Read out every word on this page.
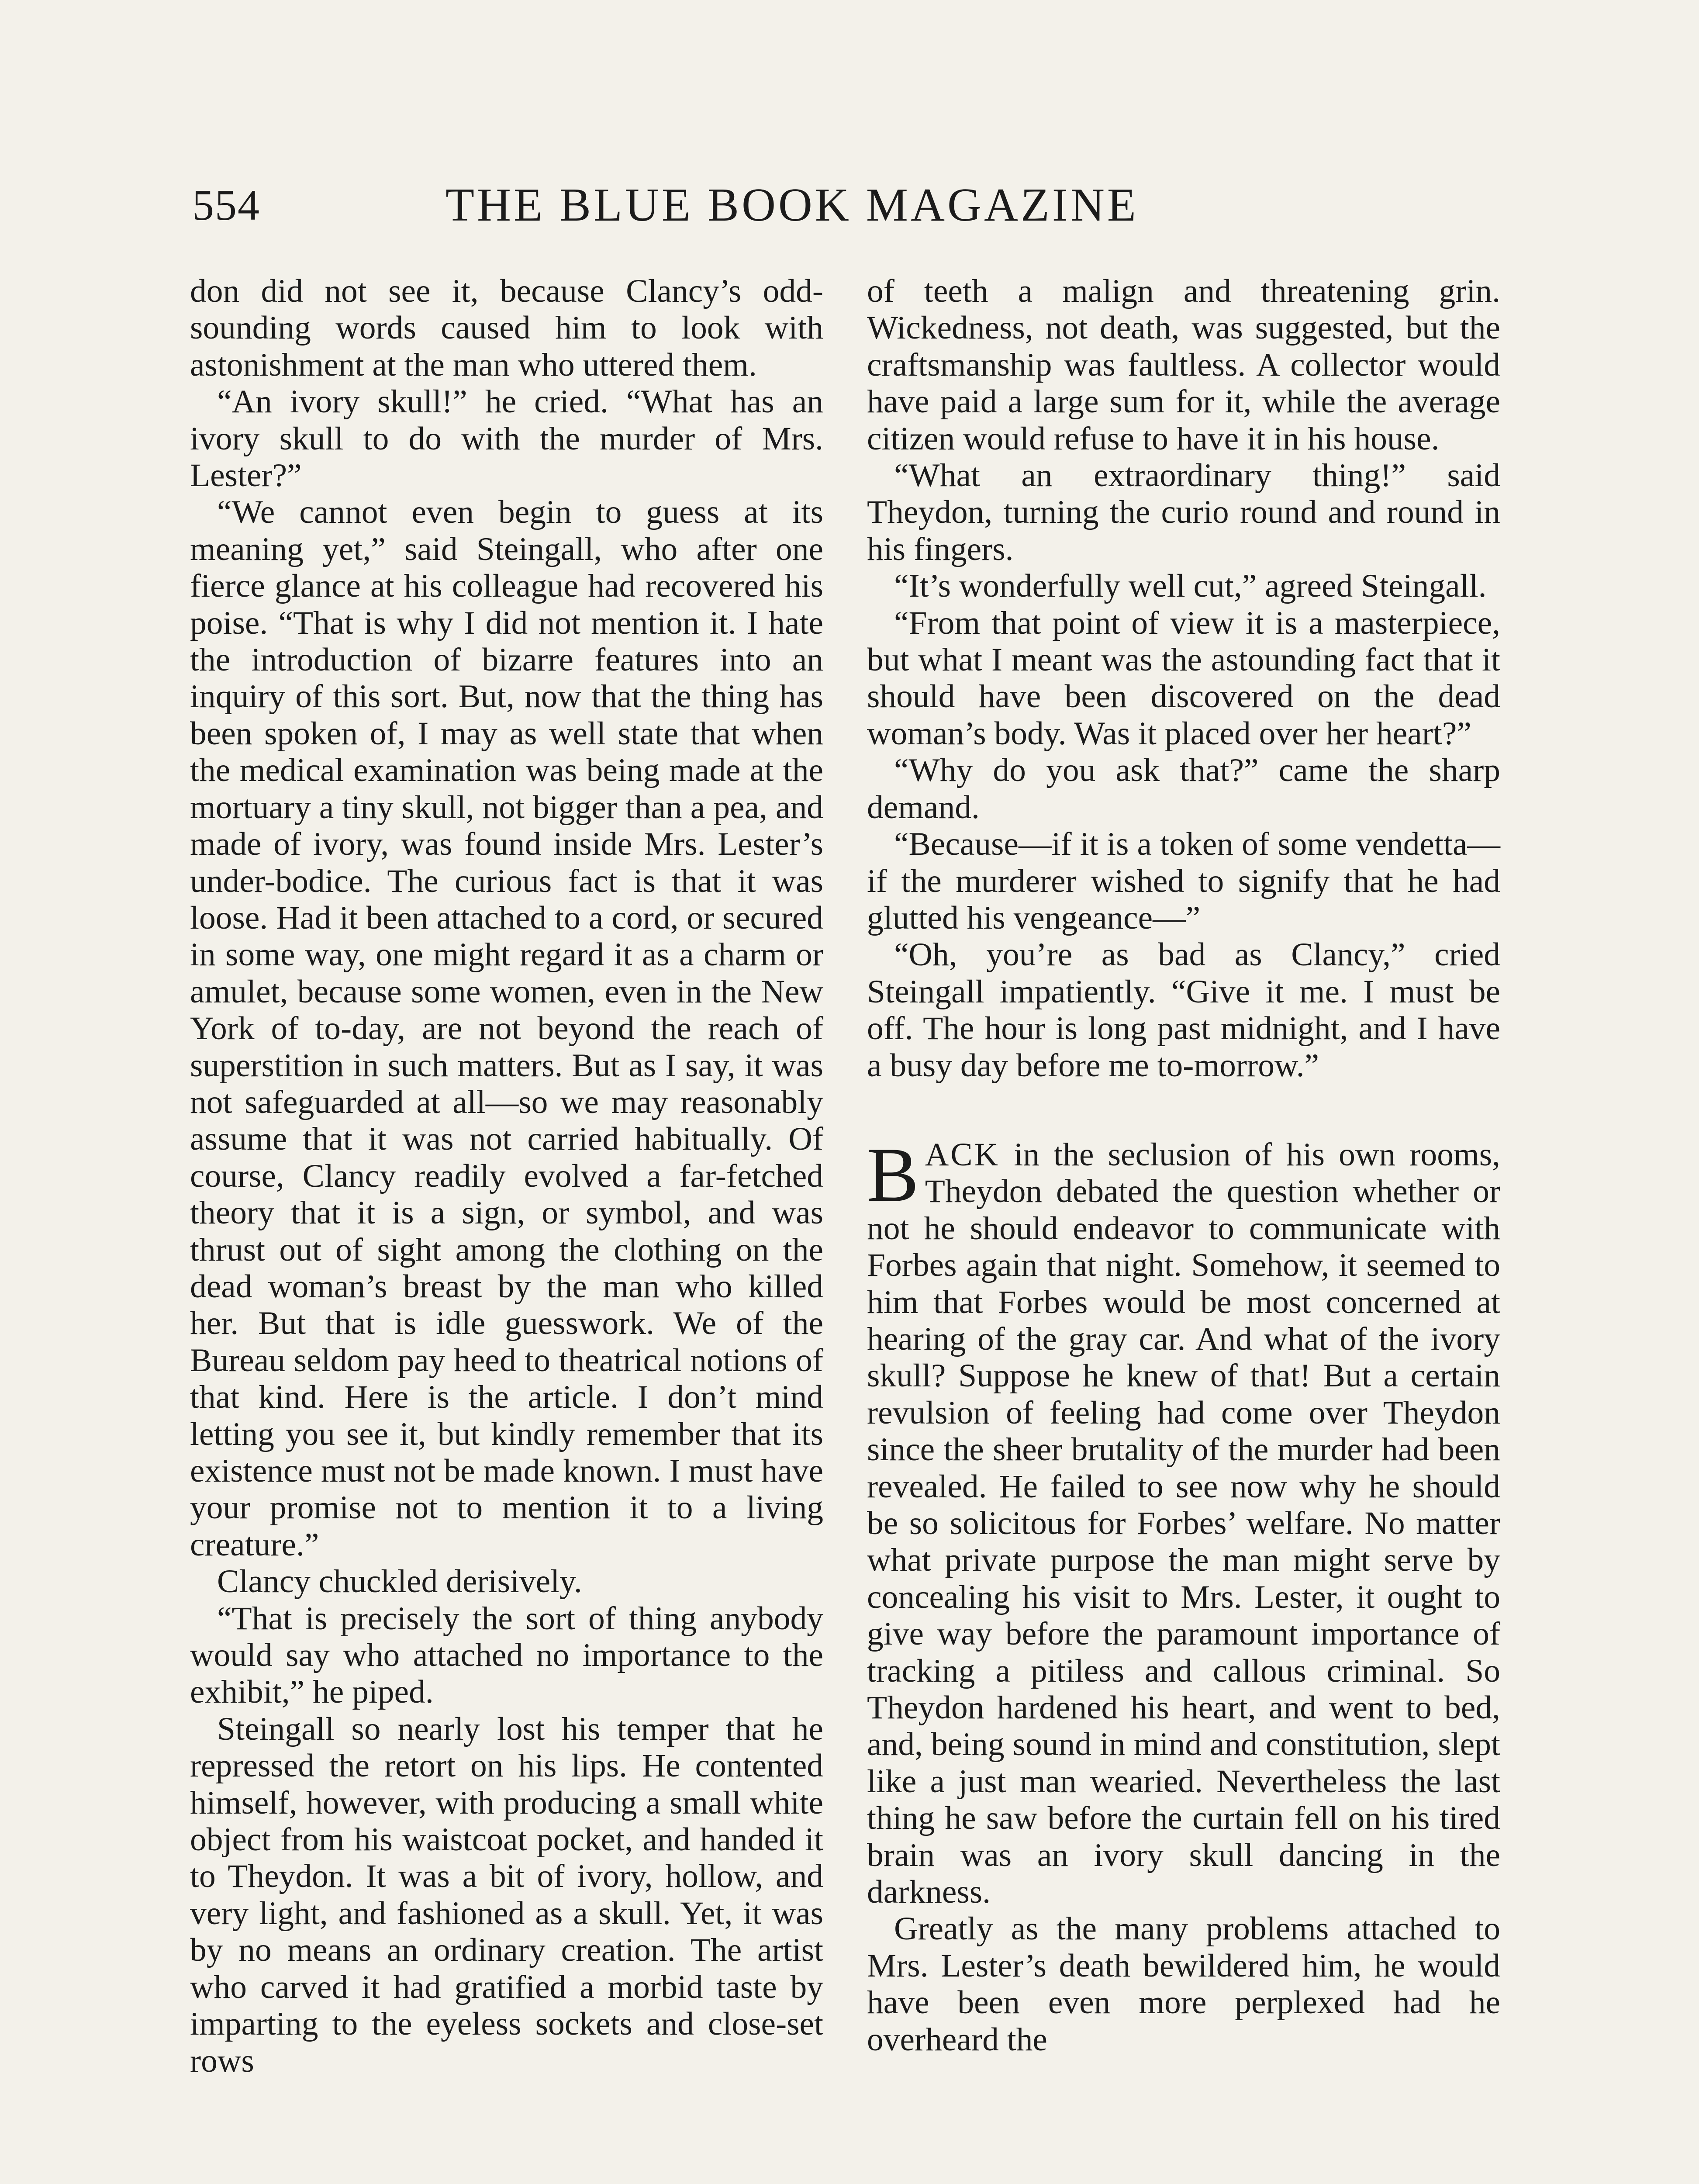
554	THE BLUE BOOK MAGAZINE

don did not see it, because Clancy’s odd-sounding words caused him to look with astonishment at the man who uttered them.

“An ivory skull!” he cried. “What has an ivory skull to do with the murder of Mrs. Lester?”

“We cannot even begin to guess at its meaning yet,” said Steingall, who after one fierce glance at his colleague had recovered his poise. “That is why I did not mention it. I hate the introduction of bizarre features into an inquiry of this sort. But, now that the thing has been spoken of, I may as well state that when the medical examination was being made at the mortuary a tiny skull, not bigger than a pea, and made of ivory, was found inside Mrs. Lester’s under-bodice. The curious fact is that it was loose. Had it been attached to a cord, or secured in some way, one might regard it as a charm or amulet, because some women, even in the New York of to-day, are not beyond the reach of superstition in such matters. But as I say, it was not safeguarded at all—so we may reasonably assume that it was not carried habitually. Of course, Clancy readily evolved a far-fetched theory that it is a sign, or symbol, and was thrust out of sight among the clothing on the dead woman’s breast by the man who killed her. But that is idle guesswork. We of the Bureau seldom pay heed to theatrical notions of that kind. Here is the article. I don’t mind letting you see it, but kindly remember that its existence must not be made known. I must have your promise not to mention it to a living creature.”

Clancy chuckled derisively.

“That is precisely the sort of thing anybody would say who attached no importance to the exhibit,” he piped.

Steingall so nearly lost his temper that he repressed the retort on his lips. He contented himself, however, with producing a small white object from his waistcoat pocket, and handed it to Theydon. It was a bit of ivory, hollow, and very light, and fashioned as a skull. Yet, it was by no means an ordinary creation. The artist who carved it had gratified a morbid taste by imparting to the eyeless sockets and close-set rows

of teeth a malign and threatening grin. Wickedness, not death, was suggested, but the craftsmanship was faultless. A collector would have paid a large sum for it, while the average citizen would refuse to have it in his house.

“What an extraordinary thing!” said Theydon, turning the curio round and round in his fingers.

“It’s wonderfully well cut,” agreed Steingall.

“From that point of view it is a masterpiece, but what I meant was the astounding fact that it should have been discovered on the dead woman’s body. Was it placed over her heart?”

“Why do you ask that?” came the sharp demand.

“Because—if it is a token of some vendetta—if the murderer wished to signify that he had glutted his vengeance—”

“Oh, you’re as bad as Clancy,” cried Steingall impatiently. “Give it me. I must be off. The hour is long past midnight, and I have a busy day before me to-morrow.”

BACK in the seclusion of his own rooms, Theydon debated the question whether or not he should endeavor to communicate with Forbes again that night. Somehow, it seemed to him that Forbes would be most concerned at hearing of the gray car. And what of the ivory skull? Suppose he knew of that! But a certain revulsion of feeling had come over Theydon since the sheer brutality of the murder had been revealed. He failed to see now why he should be so solicitous for Forbes’ welfare. No matter what private purpose the man might serve by concealing his visit to Mrs. Lester, it ought to give way before the paramount importance of tracking a pitiless and callous criminal. So Theydon hardened his heart, and went to bed, and, being sound in mind and constitution, slept like a just man wearied. Nevertheless the last thing he saw before the curtain fell on his tired brain was an ivory skull dancing in the darkness.

Greatly as the many problems attached to Mrs. Lester’s death bewildered him, he would have been even more perplexed had he overheard the
